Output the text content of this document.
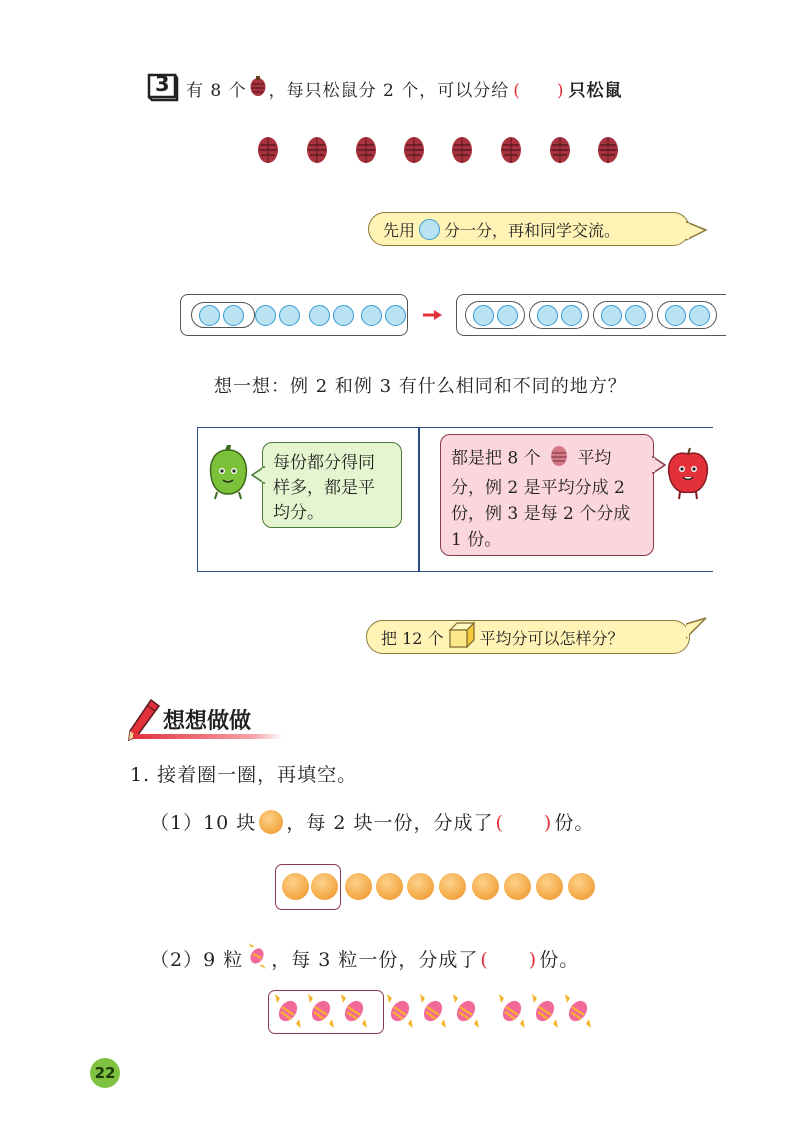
3 有 8 个 ，每只松鼠分 2 个，可以分给 (　　) 只松鼠
先用 分一分，再和同学交流。
想一想：例 2 和例 3 有什么相同和不同的地方？
每份都分得同样多，都是平均分。
都是把 8 个 平均分，例 2 是平均分成 2 份，例 3 是每 2 个分成 1 份。
把 12 个 平均分可以怎样分？
想想做做
1. 接着圈一圈，再填空。
（1）10 块 ，每 2 块一份，分成了 (　　) 份。
（2）9 粒 ，每 3 粒一份，分成了 (　　) 份。
22
